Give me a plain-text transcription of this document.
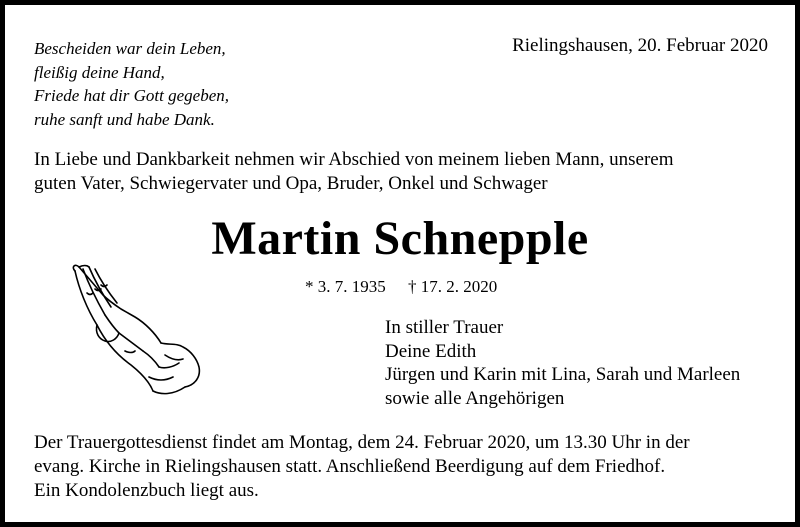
Bescheiden war dein Leben,
fleißig deine Hand,
Friede hat dir Gott gegeben,
ruhe sanft und habe Dank.
Rielingshausen, 20. Februar 2020
In Liebe und Dankbarkeit nehmen wir Abschied von meinem lieben Mann, unserem
guten Vater, Schwiegervater und Opa, Bruder, Onkel und Schwager
Martin Schnepple
* 3. 7. 1935 † 17. 2. 2020
In stiller Trauer
Deine Edith
Jürgen und Karin mit Lina, Sarah und Marleen
sowie alle Angehörigen
Der Trauergottesdienst findet am Montag, dem 24. Februar 2020, um 13.30 Uhr in der
evang. Kirche in Rielingshausen statt. Anschließend Beerdigung auf dem Friedhof.
Ein Kondolenzbuch liegt aus.
